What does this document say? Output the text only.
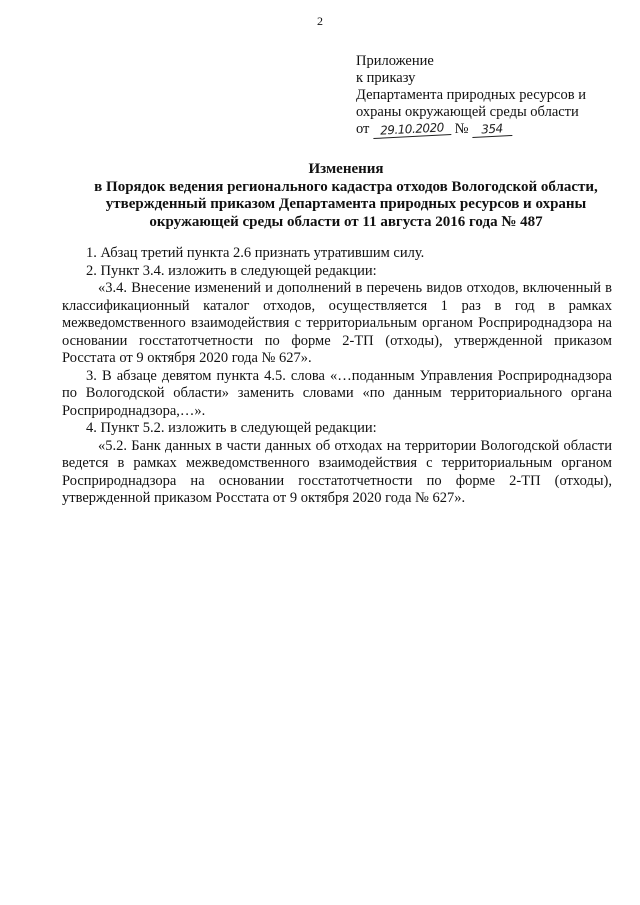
2
Приложение
к приказу
Департамента природных ресурсов и
охраны окружающей среды области
от 29.10.2020 № 354
Изменения
в Порядок ведения регионального кадастра отходов Вологодской области,
утвержденный приказом Департамента природных ресурсов и охраны
окружающей среды области от 11 августа 2016 года № 487

1. Абзац третий пункта 2.6 признать утратившим силу.

2. Пункт 3.4. изложить в следующей редакции:

«3.4. Внесение изменений и дополнений в перечень видов отходов, включенный в классификационный каталог отходов, осуществляется 1 раз в год в рамках межведомственного взаимодействия с территориальным органом Росприроднадзора на основании госстатотчетности по форме 2-ТП (отходы), утвержденной приказом Росстата от 9 октября 2020 года № 627».

3. В абзаце девятом пункта 4.5. слова «…поданным Управления Росприроднадзора по Вологодской области» заменить словами «по данным территориального органа Росприроднадзора,…».

4. Пункт 5.2. изложить в следующей редакции:

«5.2. Банк данных в части данных об отходах на территории Вологодской области ведется в рамках межведомственного взаимодействия с территориальным органом Росприроднадзора на основании госстатотчетности по форме 2-ТП (отходы), утвержденной приказом Росстата от 9 октября 2020 года № 627».
